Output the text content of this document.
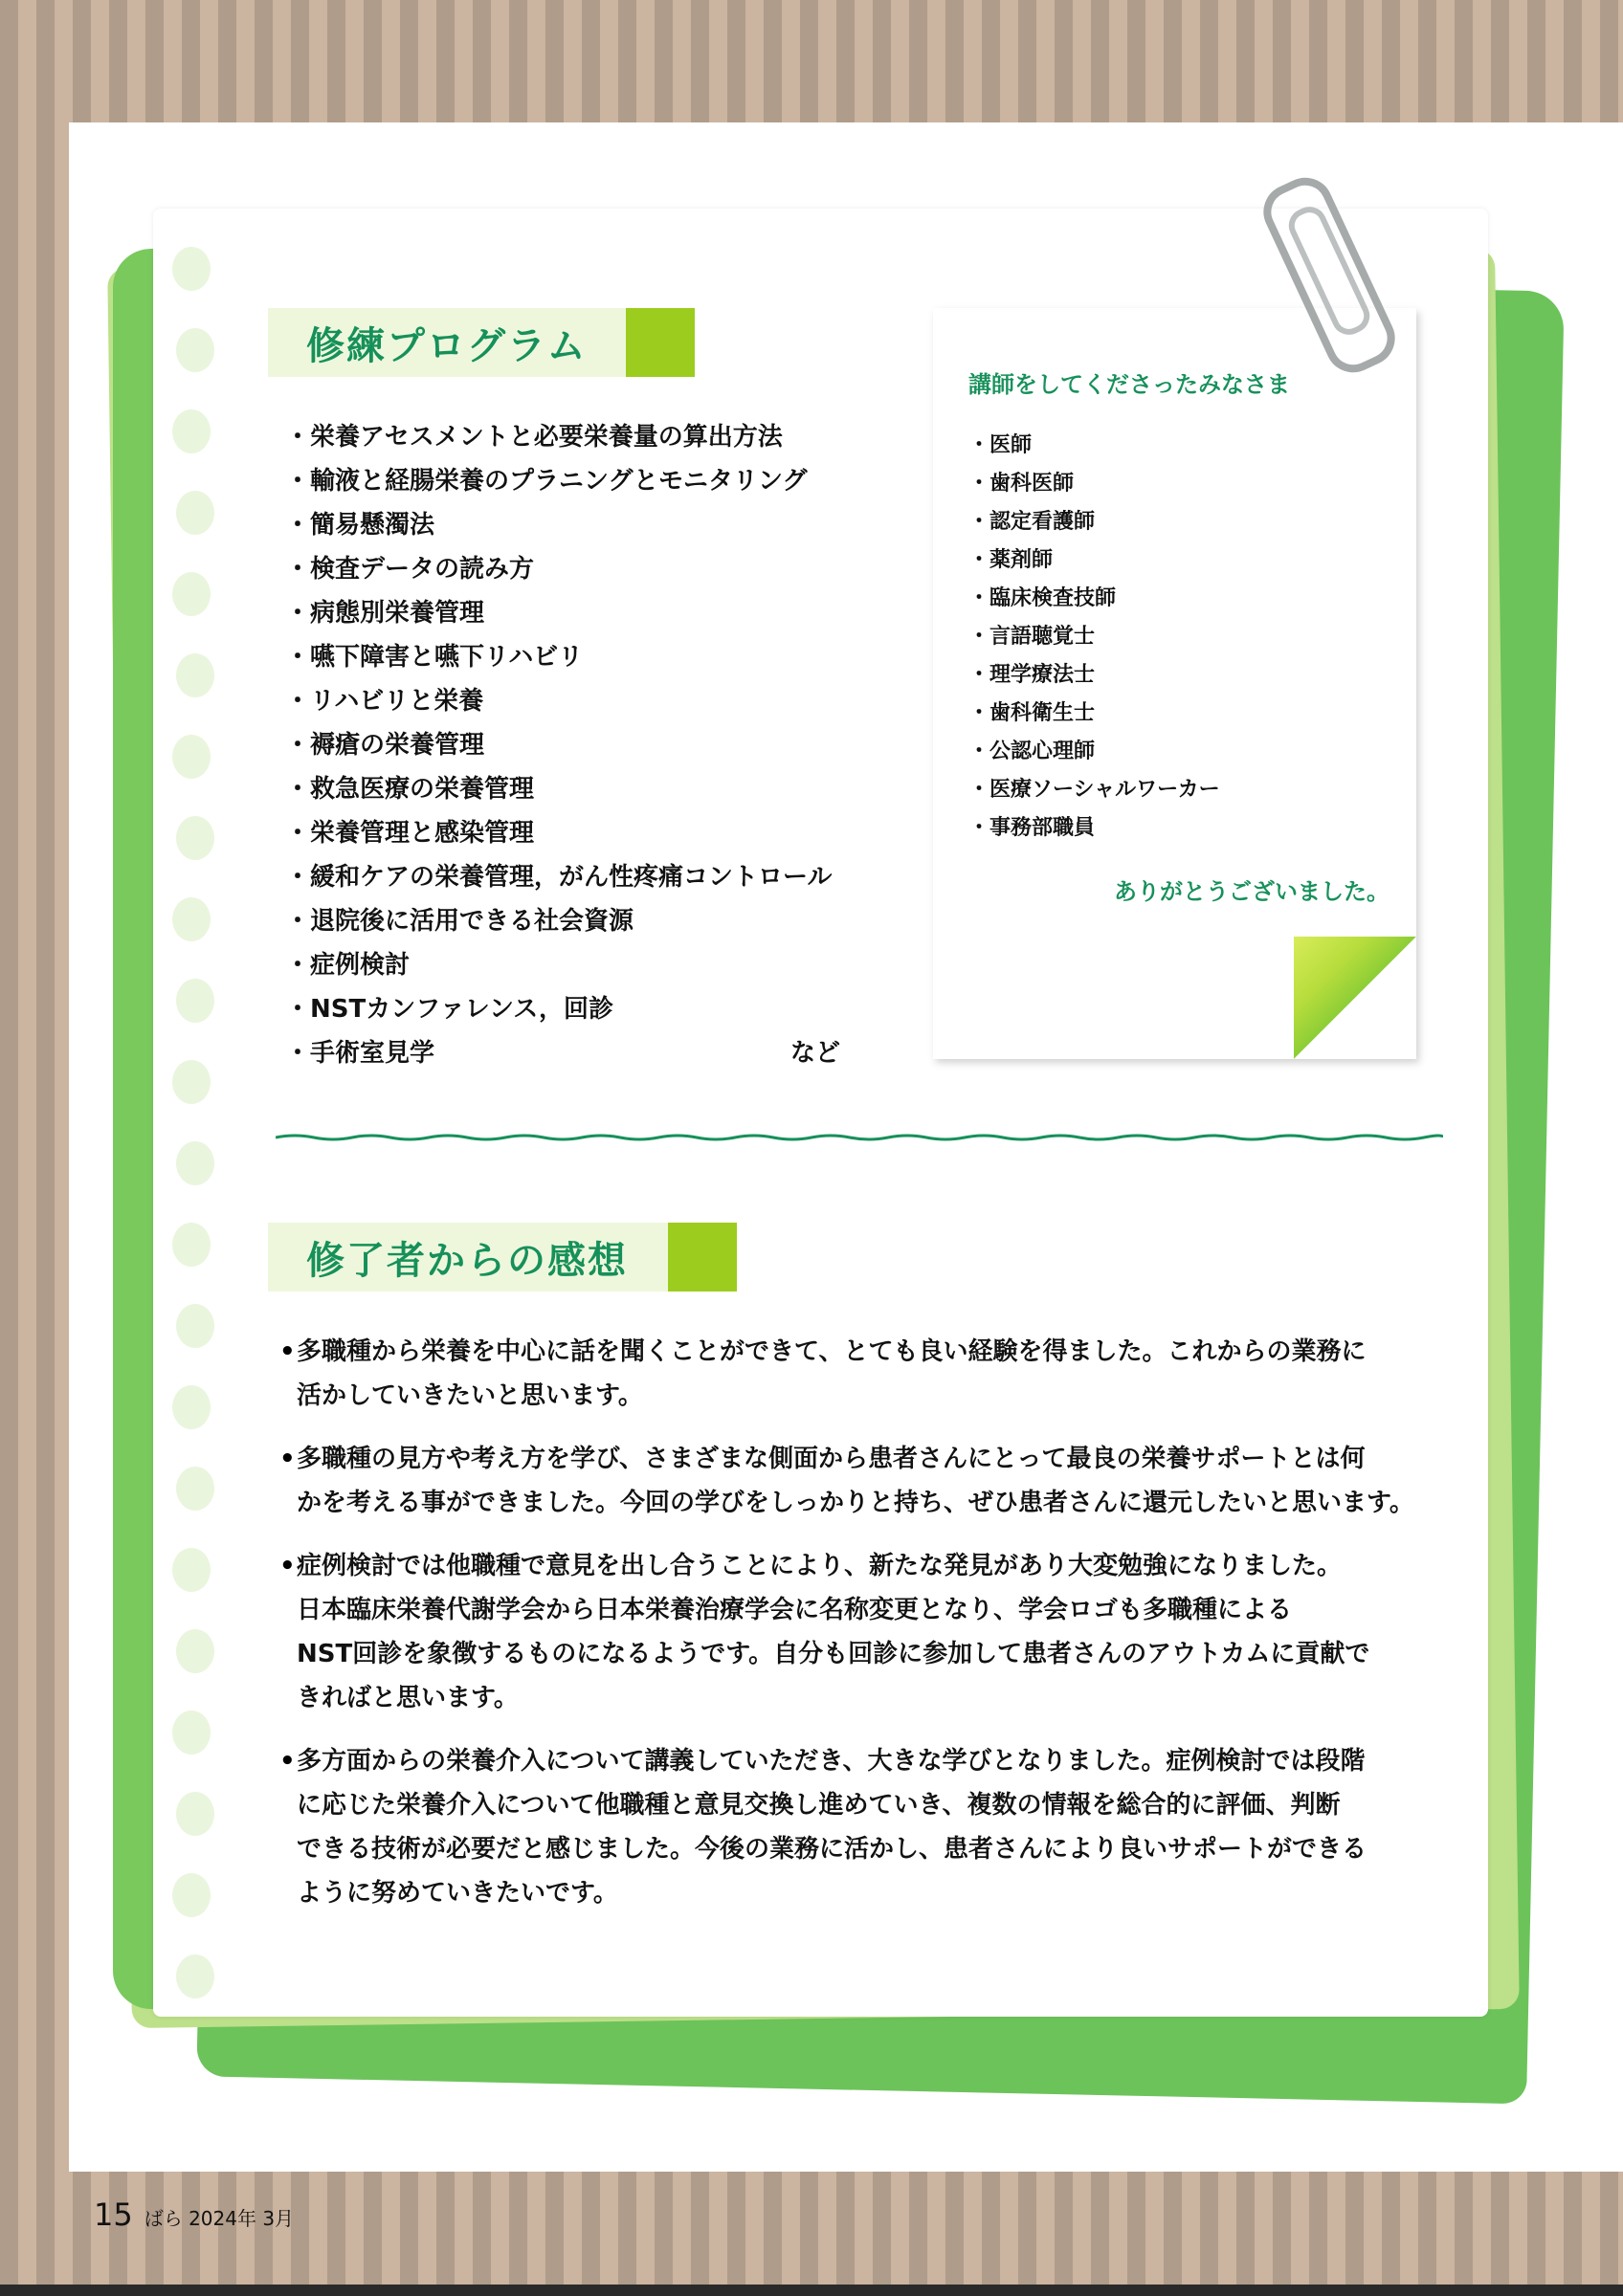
修練プログラム
・栄養アセスメントと必要栄養量の算出方法
・輸液と経腸栄養のプラニングとモニタリング
・簡易懸濁法
・検査データの読み方
・病態別栄養管理
・嚥下障害と嚥下リハビリ
・リハビリと栄養
・褥瘡の栄養管理
・救急医療の栄養管理
・栄養管理と感染管理
・緩和ケアの栄養管理，がん性疼痛コントロール
・退院後に活用できる社会資源
・症例検討
・NSTカンファレンス，回診
・手術室見学	など
講師をしてくださったみなさま
・医師
・歯科医師
・認定看護師
・薬剤師
・臨床検査技師
・言語聴覚士
・理学療法士
・歯科衛生士
・公認心理師
・医療ソーシャルワーカー
・事務部職員
ありがとうございました。
修了者からの感想
• 多職種から栄養を中心に話を聞くことができて、とても良い経験を得ました。これからの業務に
活かしていきたいと思います。
• 多職種の見方や考え方を学び、さまざまな側面から患者さんにとって最良の栄養サポートとは何
かを考える事ができました。今回の学びをしっかりと持ち、ぜひ患者さんに還元したいと思います。
• 症例検討では他職種で意見を出し合うことにより、新たな発見があり大変勉強になりました。
日本臨床栄養代謝学会から日本栄養治療学会に名称変更となり、学会ロゴも多職種による
NST回診を象徴するものになるようです。自分も回診に参加して患者さんのアウトカムに貢献で
きればと思います。
• 多方面からの栄養介入について講義していただき、大きな学びとなりました。症例検討では段階
に応じた栄養介入について他職種と意見交換し進めていき、複数の情報を総合的に評価、判断
できる技術が必要だと感じました。今後の業務に活かし、患者さんにより良いサポートができる
ように努めていきたいです。
15 ばら 2024年 3月
